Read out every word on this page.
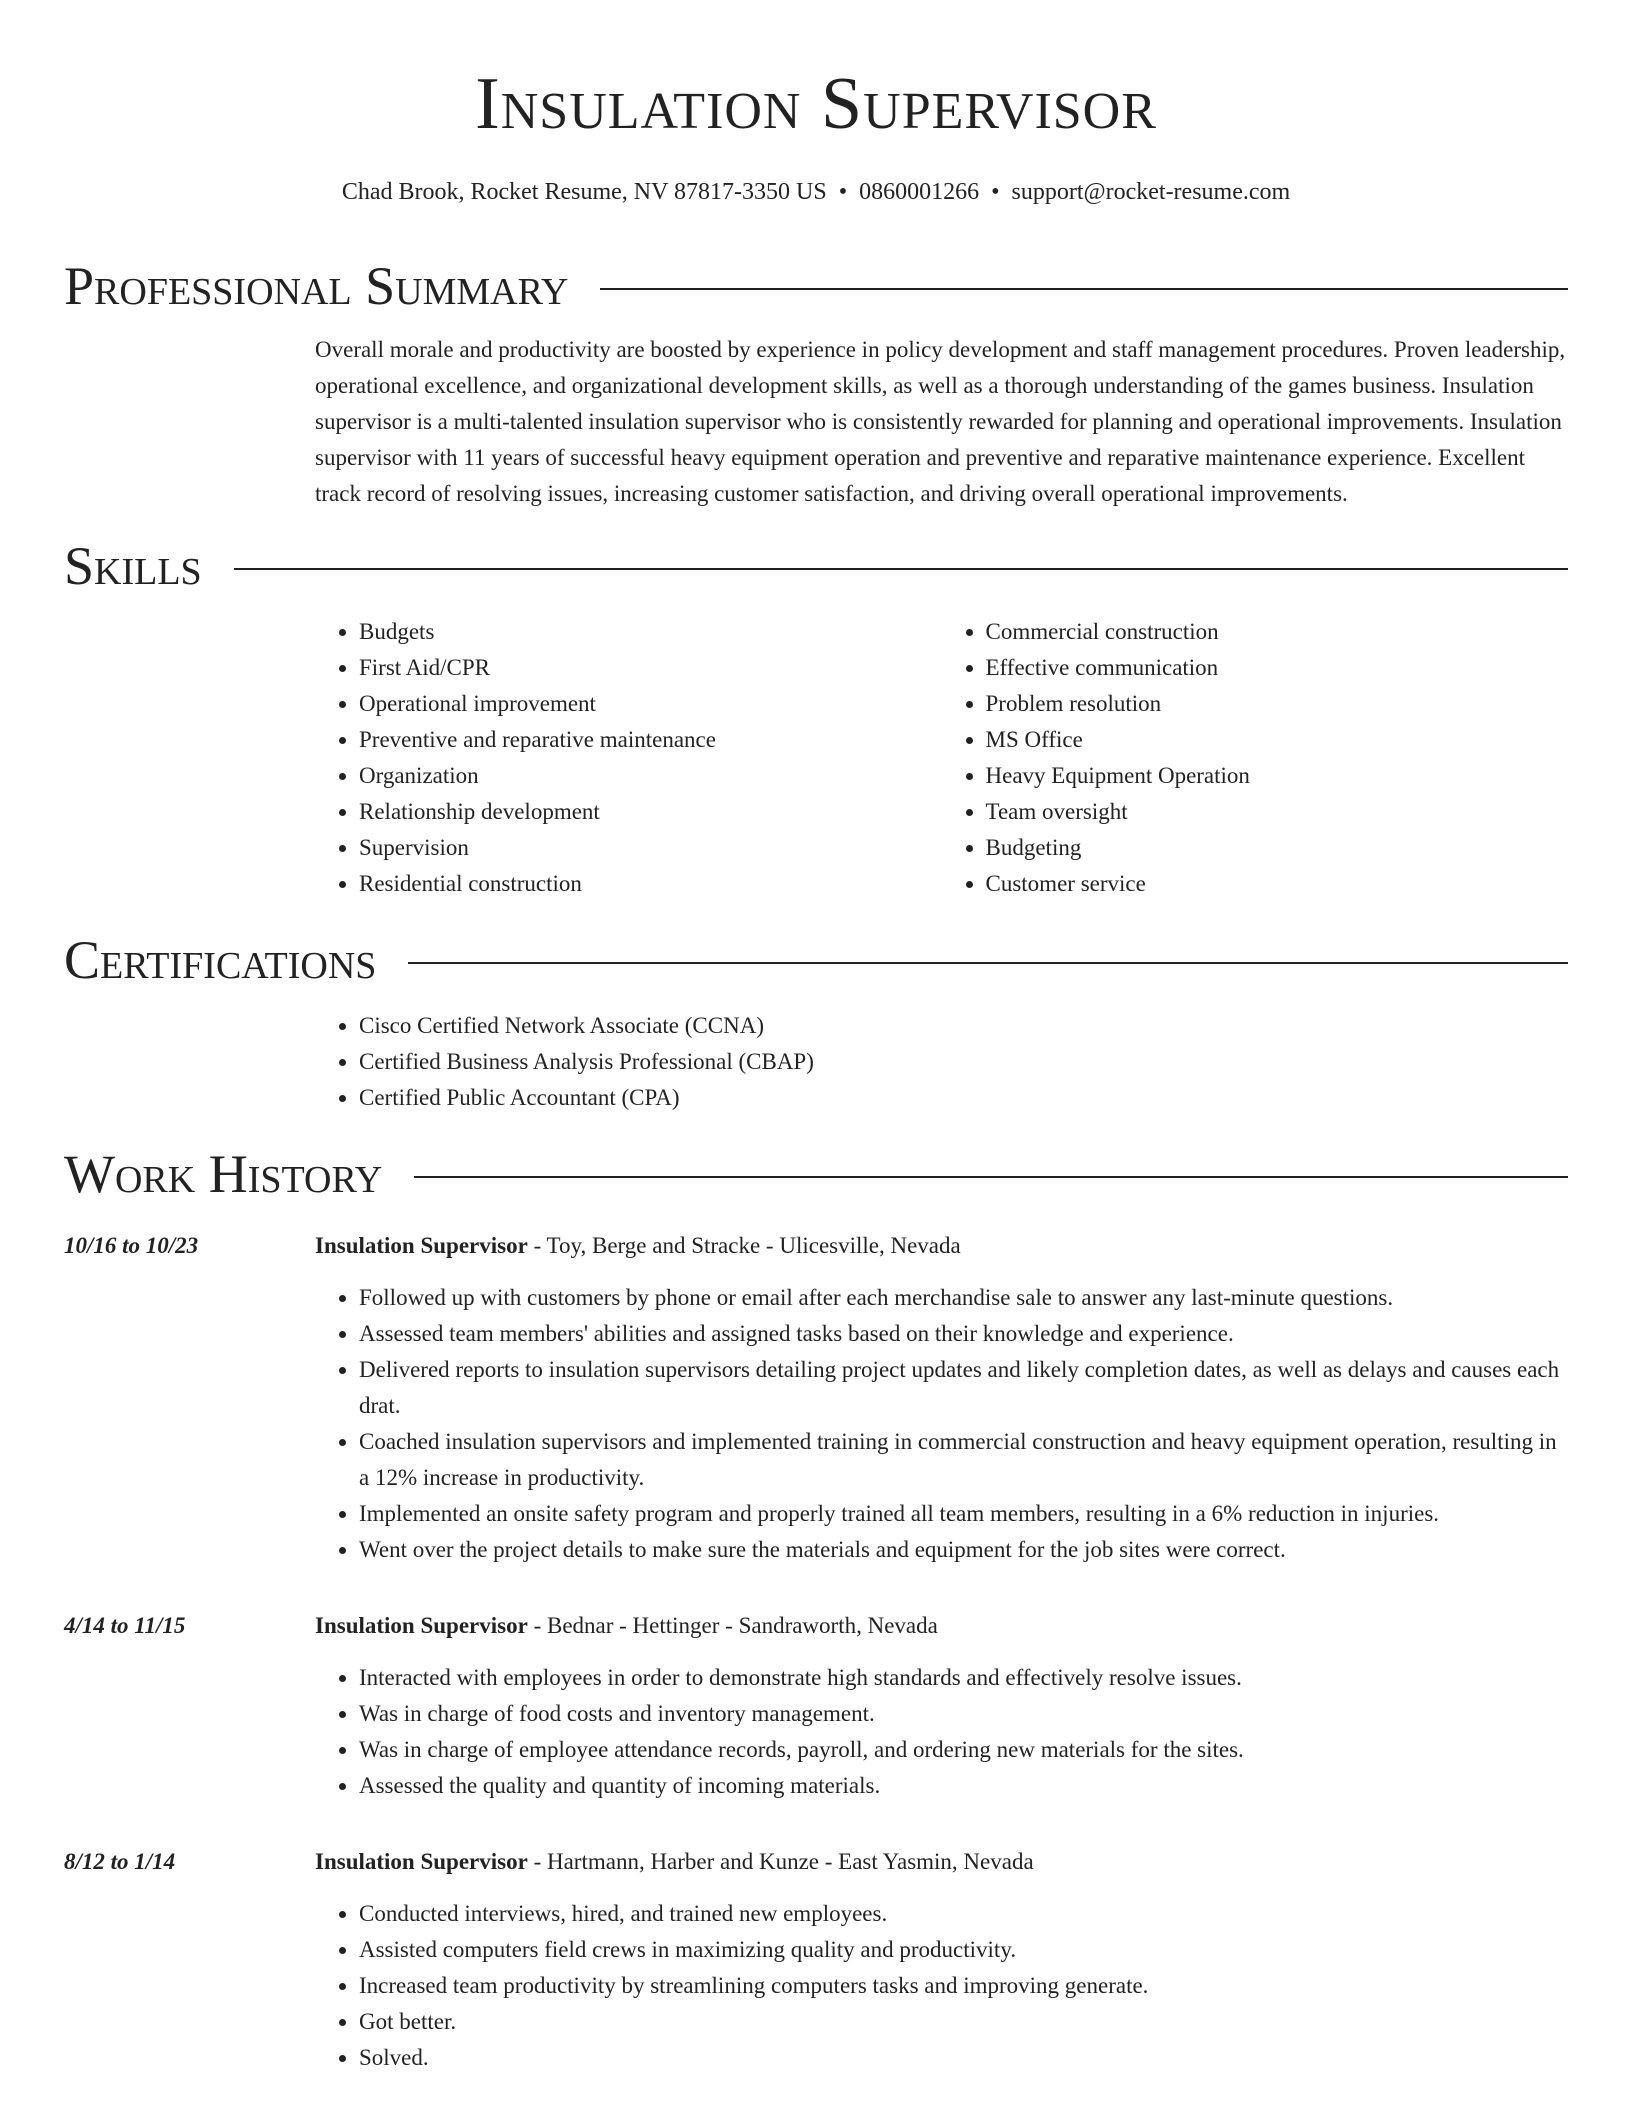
Insulation Supervisor
Chad Brook, Rocket Resume, NV 87817-3350 US • 0860001266 • support@rocket-resume.com
Professional Summary
Overall morale and productivity are boosted by experience in policy development and staff management procedures. Proven leadership, operational excellence, and organizational development skills, as well as a thorough understanding of the games business. Insulation supervisor is a multi-talented insulation supervisor who is consistently rewarded for planning and operational improvements. Insulation supervisor with 11 years of successful heavy equipment operation and preventive and reparative maintenance experience. Excellent track record of resolving issues, increasing customer satisfaction, and driving overall operational improvements.
Skills
• Budgets
• First Aid/CPR
• Operational improvement
• Preventive and reparative maintenance
• Organization
• Relationship development
• Supervision
• Residential construction
• Commercial construction
• Effective communication
• Problem resolution
• MS Office
• Heavy Equipment Operation
• Team oversight
• Budgeting
• Customer service
Certifications
• Cisco Certified Network Associate (CCNA)
• Certified Business Analysis Professional (CBAP)
• Certified Public Accountant (CPA)
Work History
10/16 to 10/23	Insulation Supervisor - Toy, Berge and Stracke - Ulicesville, Nevada
• Followed up with customers by phone or email after each merchandise sale to answer any last-minute questions.
• Assessed team members' abilities and assigned tasks based on their knowledge and experience.
• Delivered reports to insulation supervisors detailing project updates and likely completion dates, as well as delays and causes each drat.
• Coached insulation supervisors and implemented training in commercial construction and heavy equipment operation, resulting in a 12% increase in productivity.
• Implemented an onsite safety program and properly trained all team members, resulting in a 6% reduction in injuries.
• Went over the project details to make sure the materials and equipment for the job sites were correct.
4/14 to 11/15	Insulation Supervisor - Bednar - Hettinger - Sandraworth, Nevada
• Interacted with employees in order to demonstrate high standards and effectively resolve issues.
• Was in charge of food costs and inventory management.
• Was in charge of employee attendance records, payroll, and ordering new materials for the sites.
• Assessed the quality and quantity of incoming materials.
8/12 to 1/14	Insulation Supervisor - Hartmann, Harber and Kunze - East Yasmin, Nevada
• Conducted interviews, hired, and trained new employees.
• Assisted computers field crews in maximizing quality and productivity.
• Increased team productivity by streamlining computers tasks and improving generate.
• Got better.
• Solved.
